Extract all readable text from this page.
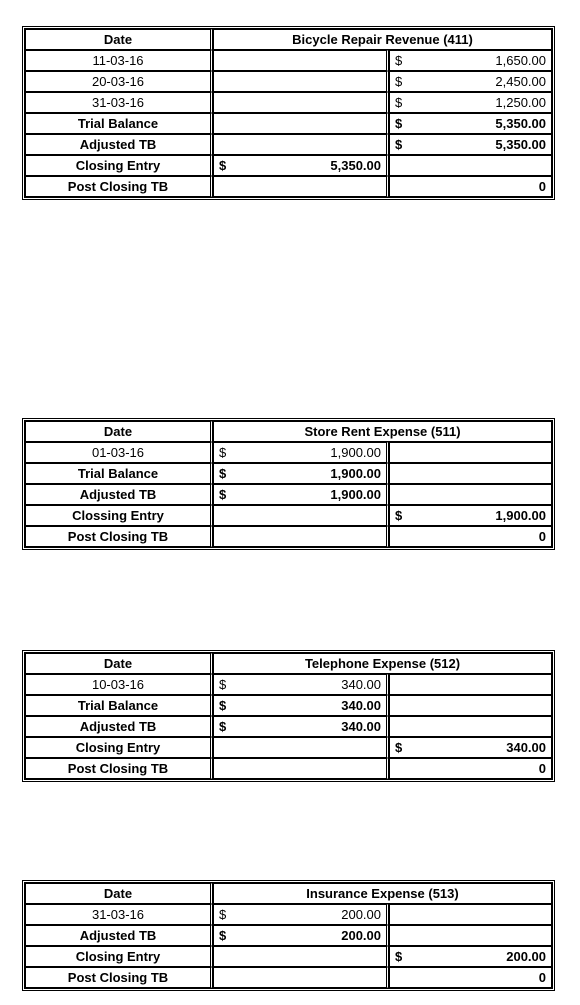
Date	Bicycle Repair Revenue (411)	
11-03-16		$ 1,650.00

20-03-16		$ 2,450.00

31-03-16		$ 1,250.00

Trial Balance		$ 5,350.00

Adjusted TB		$ 5,350.00

Closing Entry	$ 5,350.00	

Post Closing TB		0
Date	Store Rent Expense (511)	
01-03-16	$ 1,900.00	

Trial Balance	$ 1,900.00	

Adjusted TB	$ 1,900.00	

Clossing Entry		$ 1,900.00

Post Closing TB		0
Date	Telephone Expense (512)	
10-03-16	$ 340.00	

Trial Balance	$ 340.00	

Adjusted TB	$ 340.00	

Closing Entry		$ 340.00

Post Closing TB		0
Date	Insurance Expense (513)	
31-03-16	$ 200.00	

Adjusted TB	$ 200.00	

Closing Entry		$ 200.00

Post Closing TB		0
